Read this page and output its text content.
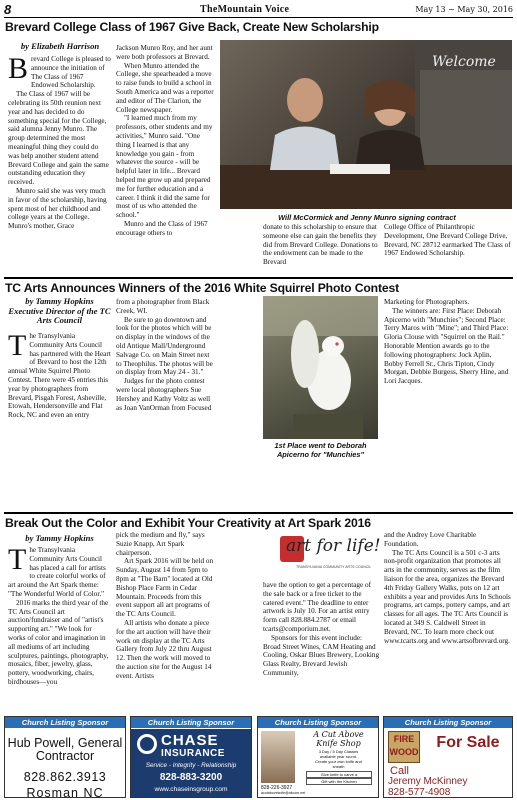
8	TheMountain Voice	May 13 ~ May 30, 2016
Brevard College Class of 1967 Give Back, Create New Scholarship
by Elizabeth Harrison

Brevard College is pleased to announce the initiation of The Class of 1967 Endowed Scholarship.

The Class of 1967 will be celebrating its 50th reunion next year and has decided to do something special for the College, said alumna Jenny Munro. The group determined the most meaningful thing they could do was help another student attend Brevard College and gain the same outstanding education they received.

Munro said she was very much in favor of the scholarship, having spent most of her childhood and college years at the College. Munro's mother, Grace

Jackson Munro Roy, and her aunt were both professors at Brevard.

When Munro attended the College, she spearheaded a move to raise funds to build a school in South America and was a reporter and editor of The Clarion, the College newspaper.

"I learned much from my professors, other students and my activities," Munro said. "One thing I learned is that any knowledge you gain - from whatever the source - will be helpful later in life... Brevard helped me grow up and prepared me for further education and a career. I think it did the same for most of us who attended the school."

Munro and the Class of 1967 encourage others to

Welcome
Will McCormick and Jenny Munro signing contract

donate to this scholarship to ensure that someone else can gain the benefits they did from Brevard College. Donations to the endowment can be made to the Brevard

College Office of Philanthropic Development, One Brevard College Drive, Brevard, NC 28712 earmarked The Class of 1967 Endowed Scholarship.

TC Arts Announces Winners of the 2016 White Squirrel Photo Contest
by Tammy Hopkins Executive Director of the TC Arts Council

The Transylvania Community Arts Council has partnered with the Heart of Brevard to host the 12th annual White Squirrel Photo Contest. There were 45 entries this year by photographers from Brevard, Pisgah Forest, Asheville, Etowah, Hendersonville and Flat Rock, NC and even an entry

from a photographer from Black Creek, WI.

Be sure to go downtown and look for the photos which will be on display in the windows of the old Antique Mall/Underground Salvage Co. on Main Street next to Theophilus. The photos will be on display from May 24 - 31."

Judges for the photo contest were local photographers Sue Hershey and Kathy Voltz as well as Joan VanOrman from Focused

1st Place went to Deborah Apicerno for "Munchies"

Marketing for Photographers.

The winners are: First Place: Deborah Apicerno with "Munchies"; Second Place: Terry Maros with "Mine"; and Third Place: Gloria Clouse with "Squirrel on the Rail." Honorable Mention awards go to the following photographers: Jock Aplin, Bobby Ferrell Sr., Chris Tipton, Cindy Morgan, Debbie Burgess, Sherry Hine, and Lori Jacques.

Break Out the Color and Exhibit Your Creativity at Art Spark 2016
by Tammy Hopkins

The Transylvania Community Arts Council has placed a call for artists to create colorful works of art around the Art Spark theme: "The Wonderful World of Color."

2016 marks the third year of the TC Arts Council art auction/fundraiser and of "artist's supporting art." "We look for works of color and imagination in all mediums of art including sculptures, paintings, photography, mosaics, fiber, jewelry, glass, pottery, woodworking, chairs, birdhouses—you

pick the medium and fly," says Suzie Knapp, Art Spark chairperson.

Art Spark 2016 will be held on Sunday, August 14 from 5pm to 8pm at "The Barn" located at Old Bishop Place Farm in Cedar Mountain. Proceeds from this event support all art programs of the TC Arts Council.

All artists who donate a piece for the art auction will have their work on display at the TC Arts Gallery from July 22 thru August 12. Then the work will moved to the auction site for the August 14 event. Artists

art for life!
TRANSYLVANIA COMMUNITY ARTS COUNCIL

have the option to get a percentage of the sale back or a free ticket to the catered event." The deadline to enter artwork is July 10. For an artist entry form call 828.884.2787 or email tcarts@comporium.net.

Sponsors for this event include: Broad Street Wines, CAM Heating and Cooling, Oskar Blues Brewery, Looking Glass Realty, Brevard Jewish Community,

and the Audrey Love Charitable Foundation.

The TC Arts Council is a 501 c-3 arts non-profit organization that promotes all arts in the community, serves as the film liaison for the area, organizes the Brevard 4th Friday Gallery Walks, puts on 12 art exhibits a year and provides Arts In Schools programs, art camps, pottery camps, and art classes for all ages. The TC Arts Council is located at 349 S. Caldwell Street in Brevard, NC. To learn more check out www.tcarts.org and www.artsofbrevard.org.

Church Listing Sponsor
Hub Powell, General Contractor
828.862.3913
Rosman NC
Church Listing Sponsor
CHASE
INSURANCE
Service - Integrity - Relationship
828-883-3200
www.chaseinsgroup.com
Church Listing Sponsor
A Cut Above
Knife Shop
3 Day / 5 Day Classes
available year round.
Create your own knife and
sheath
Give knife to carve a
Gift with the Kitchen
828-226-3927
acutaboveknife@citcom.net
Church Listing Sponsor
FIRE
WOOD
For Sale
Call
Jeremy McKinney
828-577-4908
